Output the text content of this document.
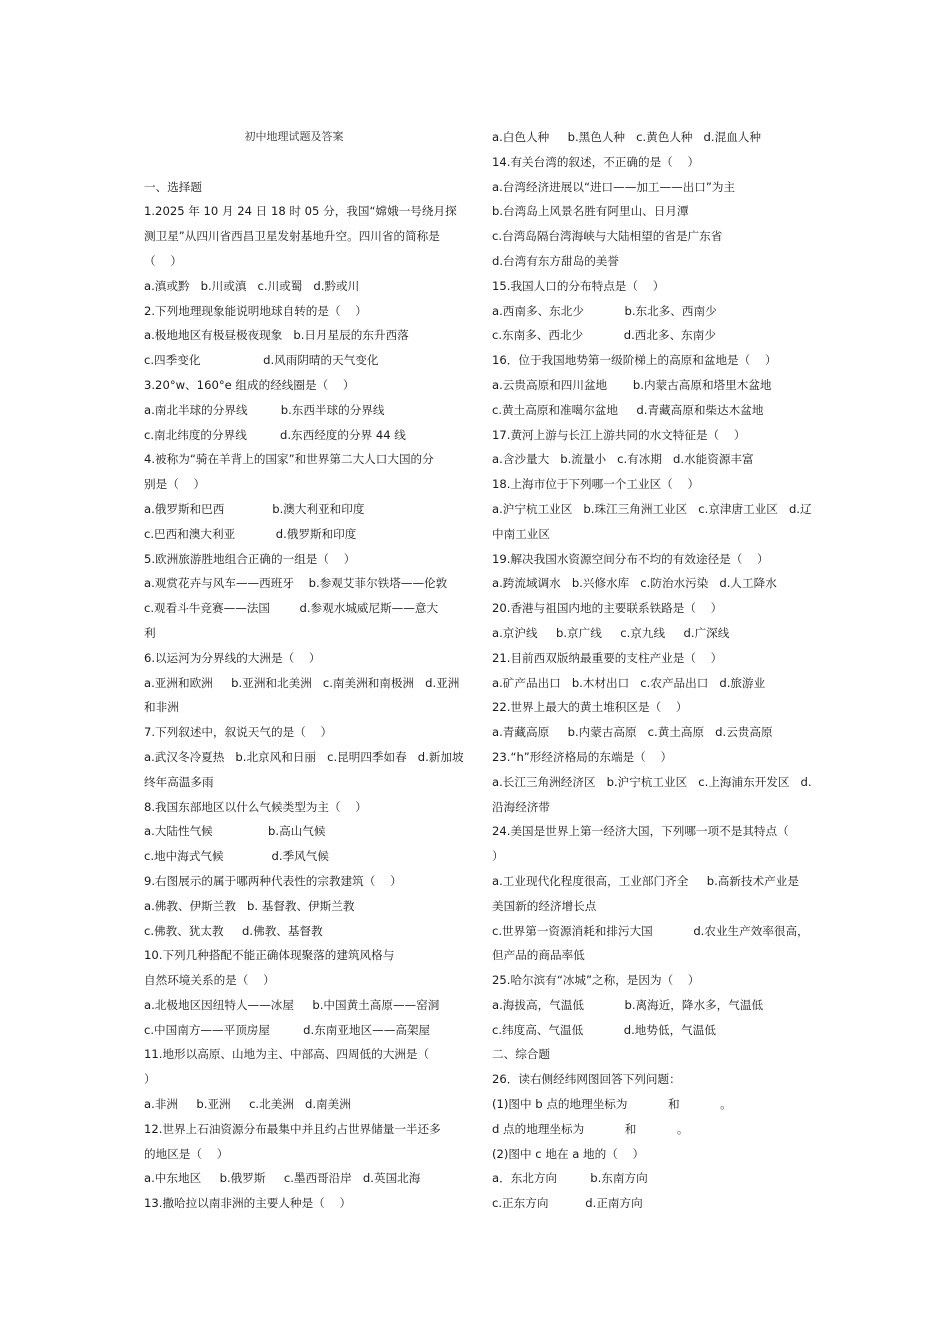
初中地理试题及答案
一、选择题
1.2025 年 10 月 24 日 18 时 05 分，我国“嫦娥一号绕月探
测卫星”从四川省西昌卫星发射基地升空。四川省的简称是
（    ）
a.滇或黔   b.川或滇   c.川或蜀   d.黔或川
2.下列地理现象能说明地球自转的是（    ）
a.极地地区有极昼极夜现象   b.日月星辰的东升西落
c.四季变化                 d.风雨阴晴的天气变化
3.20°w、160°e 组成的经线圈是（    ）
a.南北半球的分界线         b.东西半球的分界线
c.南北纬度的分界线         d.东西经度的分界 44 线
4.被称为“骑在羊背上的国家”和世界第二大人口大国的分
别是（    ）
a.俄罗斯和巴西             b.澳大利亚和印度
c.巴西和澳大利亚           d.俄罗斯和印度
5.欧洲旅游胜地组合正确的一组是（    ）
a.观赏花卉与风车——西班牙    b.参观艾菲尔铁塔——伦敦
c.观看斗牛竞赛——法国        d.参观水城威尼斯——意大
利
6.以运河为分界线的大洲是（    ）
a.亚洲和欧洲     b.亚洲和北美洲   c.南美洲和南极洲   d.亚洲
和非洲
7.下列叙述中，叙说天气的是（    ）
a.武汉冬冷夏热   b.北京风和日丽   c.昆明四季如春   d.新加坡
终年高温多雨
8.我国东部地区以什么气候类型为主（    ）
a.大陆性气候               b.高山气候
c.地中海式气候             d.季风气候
9.右图展示的属于哪两种代表性的宗教建筑（    ）
a.佛教、伊斯兰教   b. 基督教、伊斯兰教
c.佛教、犹太教     d.佛教、基督教
10.下列几种搭配不能正确体现聚落的建筑风格与
自然环境关系的是（    ）
a.北极地区因纽特人——冰屋     b.中国黄土高原——窑洞
c.中国南方——平顶房屋         d.东南亚地区——高架屋
11.地形以高原、山地为主、中部高、四周低的大洲是（
）
a.非洲     b.亚洲     c.北美洲   d.南美洲
12.世界上石油资源分布最集中并且约占世界储量一半还多
的地区是（    ）
a.中东地区     b.俄罗斯     c.墨西哥沿岸   d.英国北海
13.撒哈拉以南非洲的主要人种是（    ）
a.白色人种     b.黑色人种   c.黄色人种   d.混血人种
14.有关台湾的叙述，不正确的是（    ）
a.台湾经济进展以“进口——加工——出口”为主
b.台湾岛上风景名胜有阿里山、日月潭
c.台湾岛隔台湾海峡与大陆相望的省是广东省
d.台湾有东方甜岛的美誉
15.我国人口的分布特点是（    ）
a.西南多、东北少           b.东北多、西南少
c.东南多、西北少           d.西北多、东南少
16．位于我国地势第一级阶梯上的高原和盆地是（    ）
a.云贵高原和四川盆地       b.内蒙古高原和塔里木盆地
c.黄土高原和准噶尔盆地     d.青藏高原和柴达木盆地
17.黄河上游与长江上游共同的水文特征是（    ）
a.含沙量大   b.流量小   c.有冰期   d.水能资源丰富
18.上海市位于下列哪一个工业区（    ）
a.沪宁杭工业区   b.珠江三角洲工业区   c.京津唐工业区   d.辽
中南工业区
19.解决我国水资源空间分布不均的有效途径是（    ）
a.跨流域调水   b.兴修水库   c.防治水污染   d.人工降水
20.香港与祖国内地的主要联系铁路是（    ）
a.京沪线     b.京广线     c.京九线     d.广深线
21.目前西双版纳最重要的支柱产业是（    ）
a.矿产品出口   b.木材出口   c.农产品出口   d.旅游业
22.世界上最大的黄土堆积区是（    ）
a.青藏高原     b.内蒙古高原   c.黄土高原   d.云贵高原
23.“h”形经济格局的东端是（    ）
a.长江三角洲经济区   b.沪宁杭工业区   c.上海浦东开发区   d.
沿海经济带
24.美国是世界上第一经济大国，下列哪一项不是其特点（
）
a.工业现代化程度很高，工业部门齐全     b.高新技术产业是
美国新的经济增长点
c.世界第一资源消耗和排污大国           d.农业生产效率很高，
但产品的商品率低
25.哈尔滨有“冰城”之称，是因为（    ）
a.海拔高，气温低           b.离海近，降水多，气温低
c.纬度高、气温低           d.地势低，气温低
二、综合题
26．读右侧经纬网图回答下列问题：
(1)图中 b 点的地理坐标为           和           。
d 点的地理坐标为           和           。
(2)图中 c 地在 a 地的（    ）
a．东北方向         b.东南方向
c.正东方向          d.正南方向
